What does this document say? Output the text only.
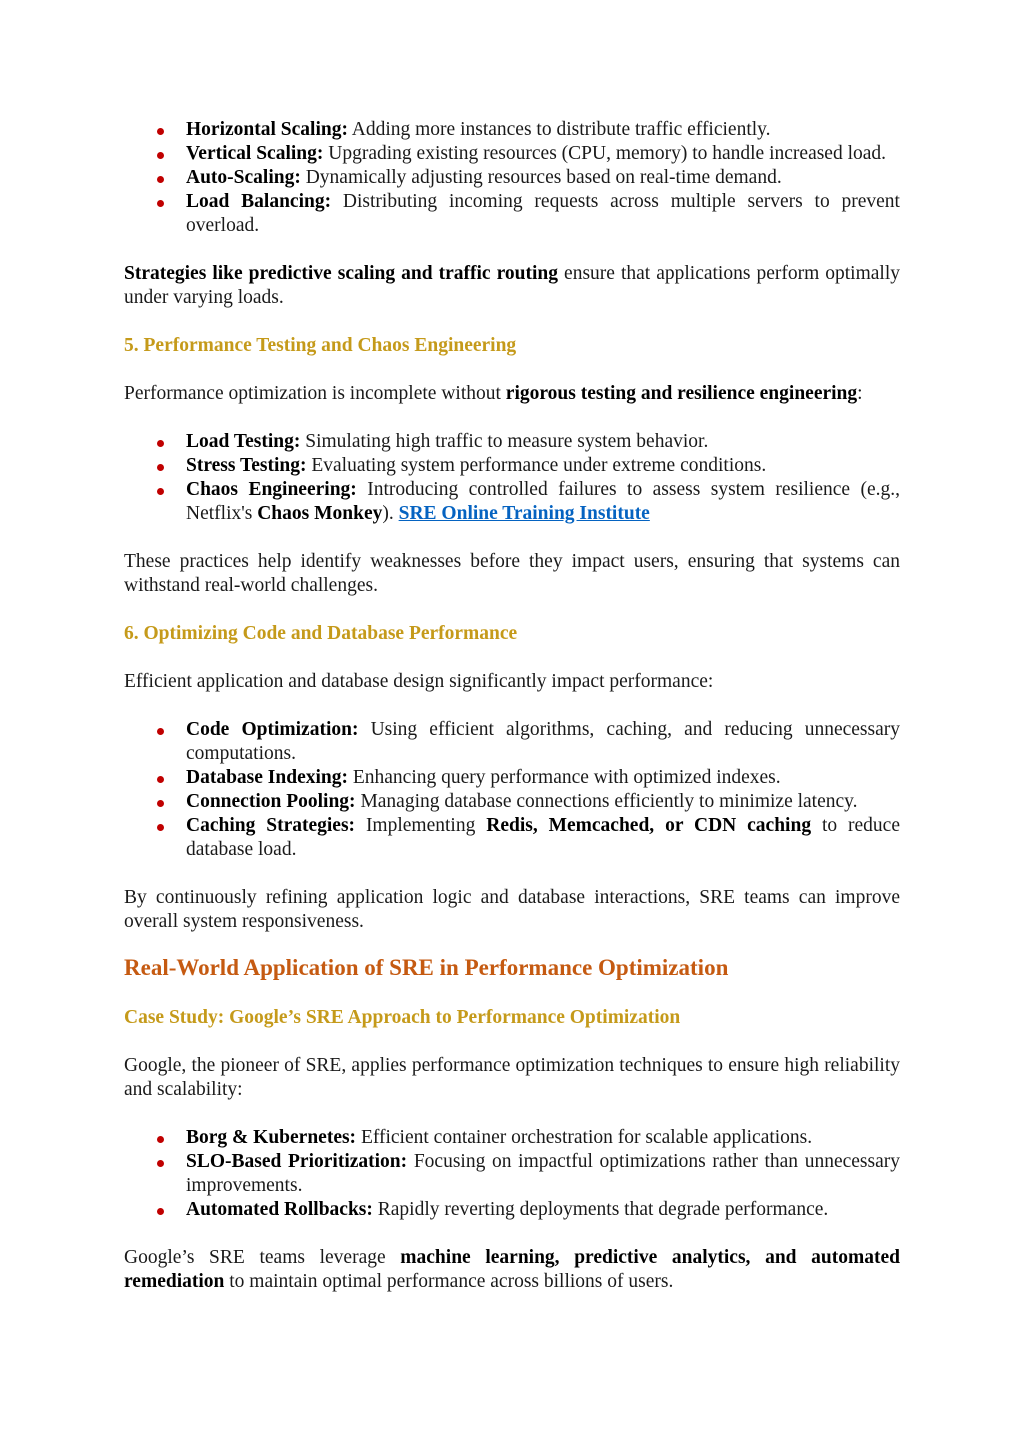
Horizontal Scaling: Adding more instances to distribute traffic efficiently.
Vertical Scaling: Upgrading existing resources (CPU, memory) to handle increased load.
Auto-Scaling: Dynamically adjusting resources based on real-time demand.
Load Balancing: Distributing incoming requests across multiple servers to prevent overload.

Strategies like predictive scaling and traffic routing ensure that applications perform optimally under varying loads.

5. Performance Testing and Chaos Engineering

Performance optimization is incomplete without rigorous testing and resilience engineering:

Load Testing: Simulating high traffic to measure system behavior.
Stress Testing: Evaluating system performance under extreme conditions.
Chaos Engineering: Introducing controlled failures to assess system resilience (e.g., Netflix's Chaos Monkey). SRE Online Training Institute

These practices help identify weaknesses before they impact users, ensuring that systems can withstand real-world challenges.

6. Optimizing Code and Database Performance

Efficient application and database design significantly impact performance:

Code Optimization: Using efficient algorithms, caching, and reducing unnecessary computations.
Database Indexing: Enhancing query performance with optimized indexes.
Connection Pooling: Managing database connections efficiently to minimize latency.
Caching Strategies: Implementing Redis, Memcached, or CDN caching to reduce database load.

By continuously refining application logic and database interactions, SRE teams can improve overall system responsiveness.

Real-World Application of SRE in Performance Optimization

Case Study: Google’s SRE Approach to Performance Optimization

Google, the pioneer of SRE, applies performance optimization techniques to ensure high reliability and scalability:

Borg & Kubernetes: Efficient container orchestration for scalable applications.
SLO-Based Prioritization: Focusing on impactful optimizations rather than unnecessary improvements.
Automated Rollbacks: Rapidly reverting deployments that degrade performance.

Google’s SRE teams leverage machine learning, predictive analytics, and automated remediation to maintain optimal performance across billions of users.
